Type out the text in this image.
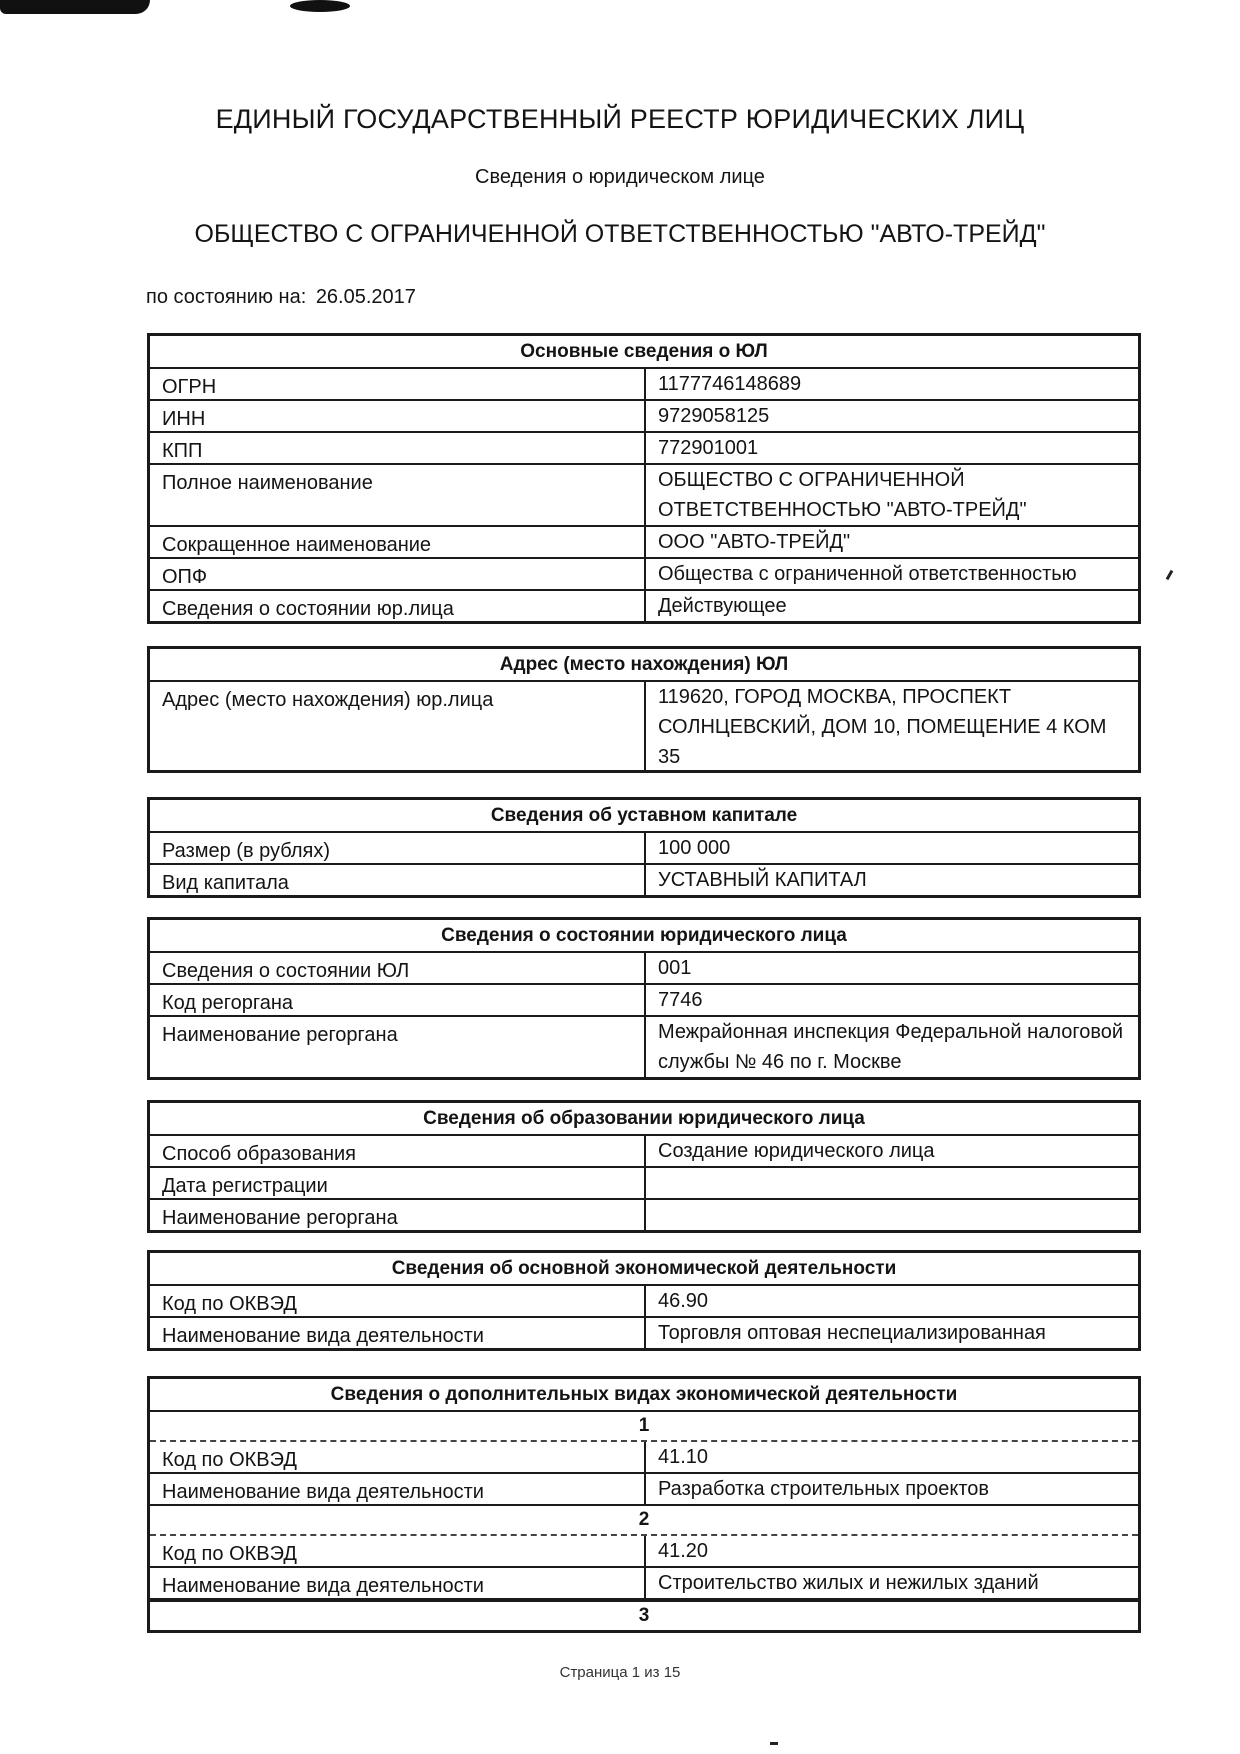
ЕДИНЫЙ ГОСУДАРСТВЕННЫЙ РЕЕСТР ЮРИДИЧЕСКИХ ЛИЦ
Сведения о юридическом лице
ОБЩЕСТВО С ОГРАНИЧЕННОЙ ОТВЕТСТВЕННОСТЬЮ "АВТО-ТРЕЙД"
по состоянию на: 26.05.2017
Основные сведения о ЮЛ
ОГРН	1177746148689
ИНН	9729058125
КПП	772901001
Полное наименование	ОБЩЕСТВО С ОГРАНИЧЕННОЙ ОТВЕТСТВЕННОСТЬЮ "АВТО-ТРЕЙД"
Сокращенное наименование	ООО "АВТО-ТРЕЙД"
ОПФ	Общества с ограниченной ответственностью
Сведения о состоянии юр.лица	Действующее
Адрес (место нахождения) ЮЛ
Адрес (место нахождения) юр.лица	119620, ГОРОД МОСКВА, ПРОСПЕКТ СОЛНЦЕВСКИЙ, ДОМ 10, ПОМЕЩЕНИЕ 4 КОМ 35
Сведения об уставном капитале
Размер (в рублях)	100 000
Вид капитала	УСТАВНЫЙ КАПИТАЛ
Сведения о состоянии юридического лица
Сведения о состоянии ЮЛ	001
Код регоргана	7746
Наименование регоргана	Межрайонная инспекция Федеральной налоговой службы № 46 по г. Москве
Сведения об образовании юридического лица
Способ образования	Создание юридического лица
Дата регистрации
Наименование регоргана
Сведения об основной экономической деятельности
Код по ОКВЭД	46.90
Наименование вида деятельности	Торговля оптовая неспециализированная
Сведения о дополнительных видах экономической деятельности
1
Код по ОКВЭД	41.10
Наименование вида деятельности	Разработка строительных проектов
2
Код по ОКВЭД	41.20
Наименование вида деятельности	Строительство жилых и нежилых зданий
3
Страница 1 из 15
